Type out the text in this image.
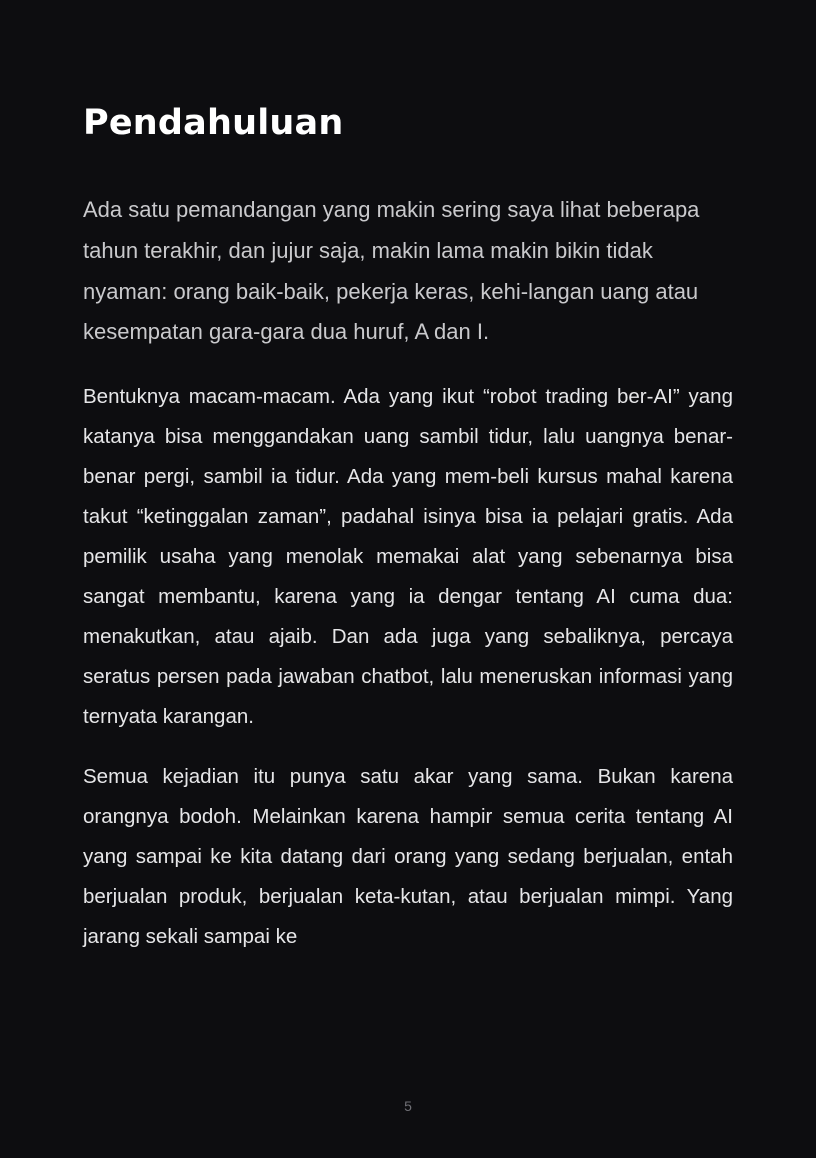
Pendahuluan

Ada satu pemandangan yang makin sering saya lihat beberapa tahun terakhir, dan jujur saja, makin lama makin bikin tidak nyaman: orang baik-baik, pekerja keras, kehi-langan uang atau kesempatan gara-gara dua huruf, A dan I.

Bentuknya macam-macam. Ada yang ikut “robot trading ber-AI” yang katanya bisa menggandakan uang sambil tidur, lalu uangnya benar-benar pergi, sambil ia tidur. Ada yang mem-beli kursus mahal karena takut “ketinggalan zaman”, padahal isinya bisa ia pelajari gratis. Ada pemilik usaha yang menolak memakai alat yang sebenarnya bisa sangat membantu, karena yang ia dengar tentang AI cuma dua: menakutkan, atau ajaib. Dan ada juga yang sebaliknya, percaya seratus persen pada jawaban chatbot, lalu meneruskan informasi yang ternyata karangan.

Semua kejadian itu punya satu akar yang sama. Bukan karena orangnya bodoh. Melainkan karena hampir semua cerita tentang AI yang sampai ke kita datang dari orang yang sedang berjualan, entah berjualan produk, berjualan keta-kutan, atau berjualan mimpi. Yang jarang sekali sampai ke

5
